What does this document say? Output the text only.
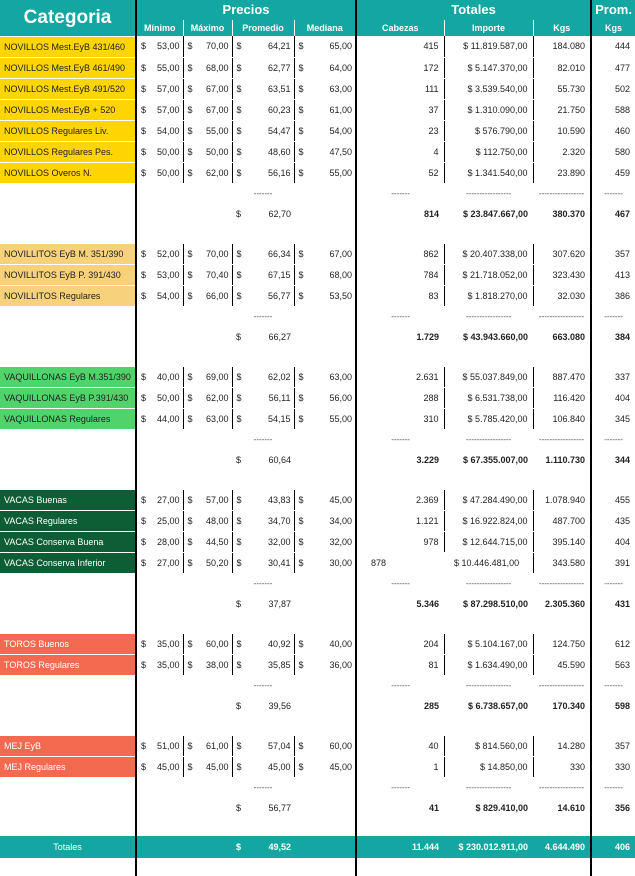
Categoria	Precios				Totales			Prom.
	Mínimo	Máximo	Promedio	Mediana	Cabezas	Importe	Kgs	Kgs
NOVILLOS Mest.EyB 431/460	$ 53,00	$ 70,00	$ 64,21	$ 65,00	415	$ 11.819.587,00	184.080	444
NOVILLOS Mest.EyB 461/490	$ 55,00	$ 68,00	$ 62,77	$ 64,00	172	$ 5.147.370,00	82.010	477
NOVILLOS Mest.EyB 491/520	$ 57,00	$ 67,00	$ 63,51	$ 63,00	111	$ 3.539.540,00	55.730	502
NOVILLOS Mest.EyB + 520	$ 57,00	$ 67,00	$ 60,23	$ 61,00	37	$ 1.310.090,00	21.750	588
NOVILLOS Regulares Liv.	$ 54,00	$ 55,00	$ 54,47	$ 54,00	23	$ 576.790,00	10.590	460
NOVILLOS Regulares Pes.	$ 50,00	$ 50,00	$ 48,60	$ 47,50	4	$ 112.750,00	2.320	580
NOVILLOS Overos N.	$ 50,00	$ 62,00	$ 56,16	$ 55,00	52	$ 1.341.540,00	23.890	459
			-------		-------	-----------------	-----------------	-------

			$ 62,70		814	$ 23.847.667,00	380.370	467

NOVILLITOS EyB M. 351/390	$ 52,00	$ 70,00	$ 66,34	$ 67,00	862	$ 20.407.338,00	307.620	357
NOVILLITOS EyB P. 391/430	$ 53,00	$ 70,40	$ 67,15	$ 68,00	784	$ 21.718.052,00	323.430	413
NOVILLITOS Regulares	$ 54,00	$ 66,00	$ 56,77	$ 53,50	83	$ 1.818.270,00	32.030	386
			-------		-------	-----------------	-----------------	-------

			$ 66,27		1.729	$ 43.943.660,00	663.080	384

VAQUILLONAS EyB M.351/390	$ 40,00	$ 69,00	$ 62,02	$ 63,00	2.631	$ 55.037.849,00	887.470	337
VAQUILLONAS EyB P.391/430	$ 50,00	$ 62,00	$ 56,11	$ 56,00	288	$ 6.531.738,00	116.420	404
VAQUILLONAS Regulares	$ 44,00	$ 63,00	$ 54,15	$ 55,00	310	$ 5.785.420,00	106.840	345
			-------		-------	-----------------	-----------------	-------

			$ 60,64		3.229	$ 67.355.007,00	1.110.730	344

VACAS Buenas	$ 27,00	$ 57,00	$ 43,83	$ 45,00	2.369	$ 47.284.490,00	1.078.940	455
VACAS Regulares	$ 25,00	$ 48,00	$ 34,70	$ 34,00	1.121	$ 16.922.824,00	487.700	435
VACAS Conserva Buena	$ 28,00	$ 44,50	$ 32,00	$ 32,00	978	$ 12.644.715,00	395.140	404
VACAS Conserva Inferior	$ 27,00	$ 50,20	$ 30,41	$ 30,00	878	$ 10.446.481,00	343.580	391
			-------		-------	-----------------	-----------------	-------

			$ 37,87		5.346	$ 87.298.510,00	2.305.360	431

TOROS Buenos	$ 35,00	$ 60,00	$ 40,92	$ 40,00	204	$ 5.104.167,00	124.750	612
TOROS Regulares	$ 35,00	$ 38,00	$ 35,85	$ 36,00	81	$ 1.634.490,00	45.590	563
			-------		-------	-----------------	-----------------	-------

			$ 39,56		285	$ 6.738.657,00	170.340	598

MEJ EyB	$ 51,00	$ 61,00	$ 57,04	$ 60,00	40	$ 814.560,00	14.280	357
MEJ Regulares	$ 45,00	$ 45,00	$ 45,00	$ 45,00	1	$ 14.850,00	330	330
			-------		-------	-----------------	-----------------	-------

			$ 56,77		41	$ 829.410,00	14.610	356

Totales			$ 49,52		11.444	$ 230.012.911,00	4.644.490	406
